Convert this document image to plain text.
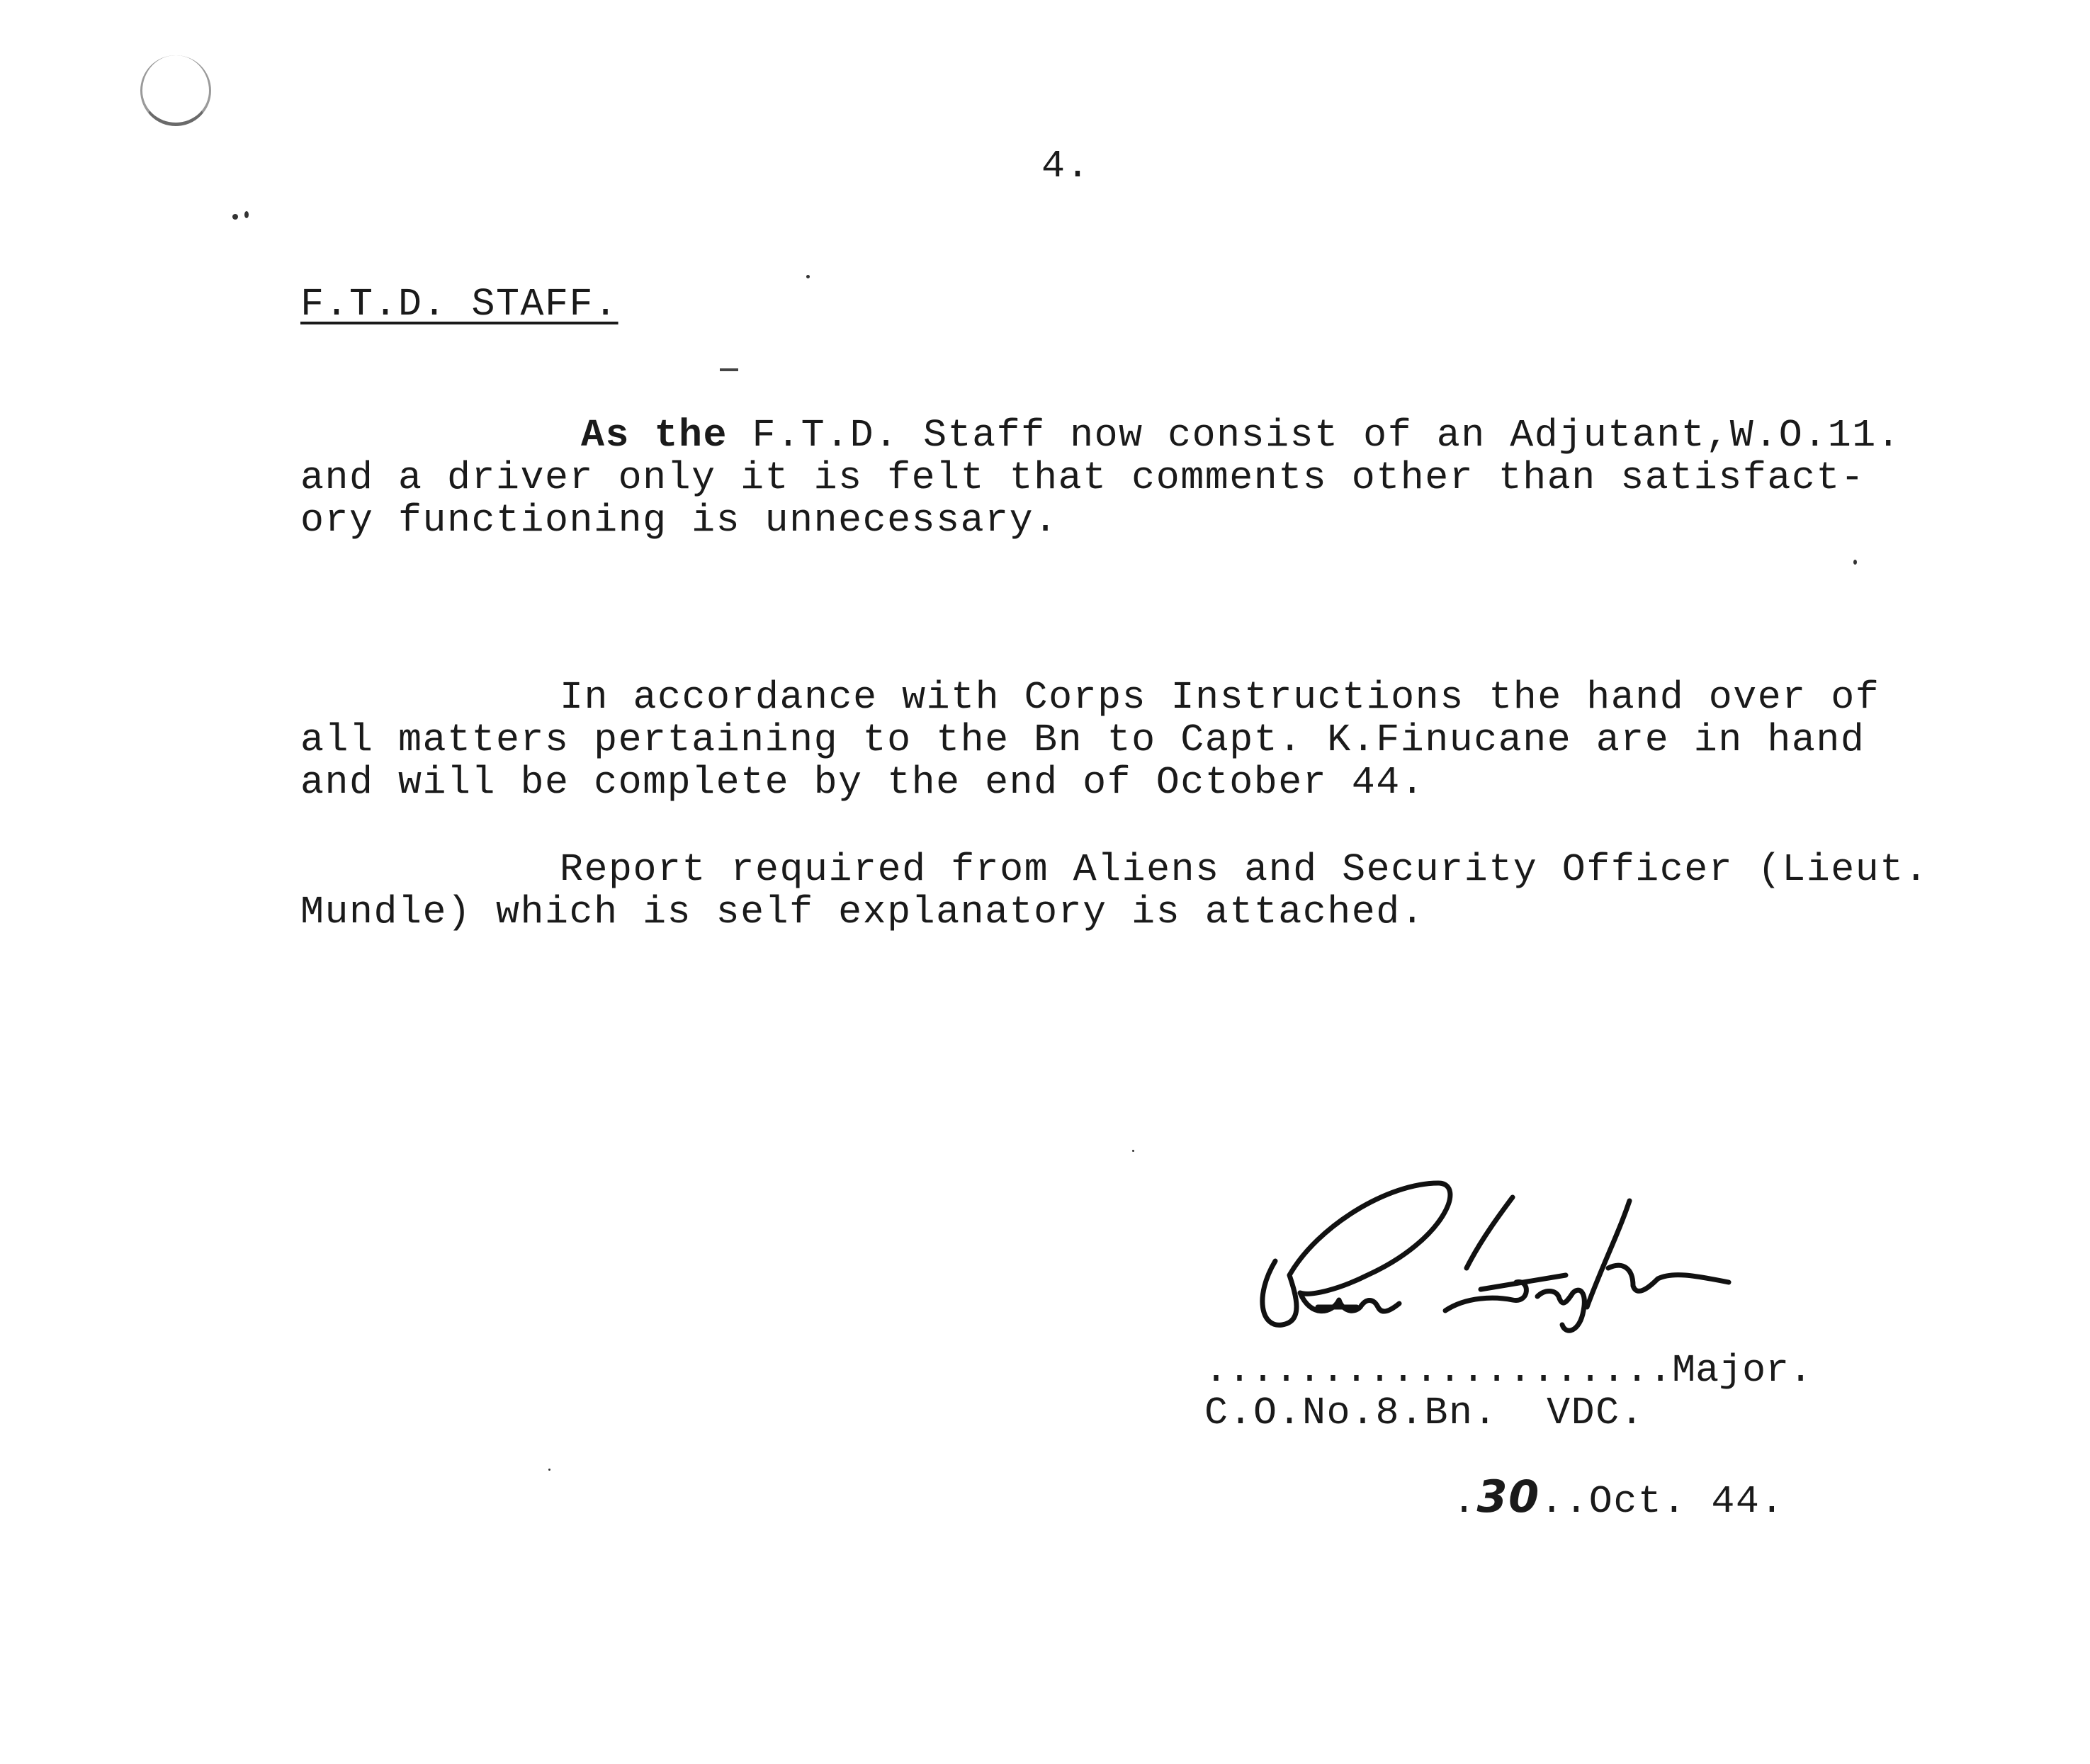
4.
F.T.D. STAFF.
As the F.T.D. Staff now consist of an Adjutant,W.O.11.
and a driver only it is felt that comments other than satisfact-
ory functioning is unnecessary.
In accordance with Corps Instructions the hand over of
all matters pertaining to the Bn to Capt. K.Finucane are in hand
and will be complete by the end of October 44.
Report required from Aliens and Security Officer (Lieut.
Mundle) which is self explanatory is attached.
....................Major.
C.O.No.8.Bn.  VDC.
.30..Oct. 44.
